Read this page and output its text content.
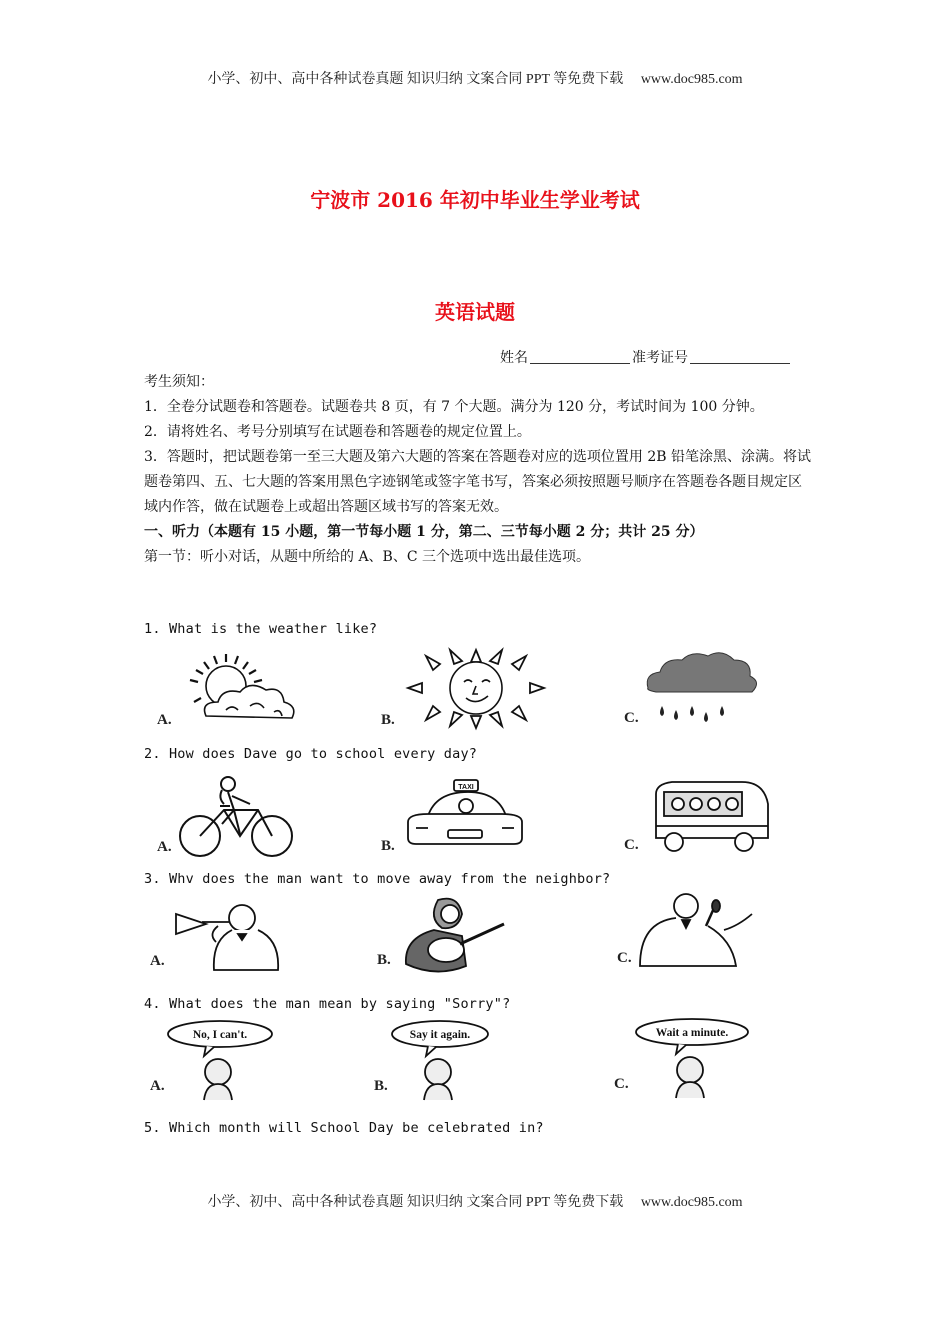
小学、初中、高中各种试卷真题 知识归纳 文案合同 PPT 等免费下载 www.doc985.com
宁波市 2016 年初中毕业生学业考试
英语试题
姓名	准考证号

考生须知：

1．全卷分试题卷和答题卷。试题卷共 8 页，有 7 个大题。满分为 120 分，考试时间为 100 分钟。

2．请将姓名、考号分别填写在试题卷和答题卷的规定位置上。

3．答题时，把试题卷第一至三大题及第六大题的答案在答题卷对应的选项位置用 2B 铅笔涂黑、涂满。将试题卷第四、五、七大题的答案用黑色字迹钢笔或签字笔书写，答案必须按照题号顺序在答题卷各题目规定区域内作答，做在试题卷上或超出答题区域书写的答案无效。

一、听力（本题有 15 小题，第一节每小题 1 分，第二、三节每小题 2 分；共计 25 分）

第一节：听小对话，从题中所给的 A、B、C 三个选项中选出最佳选项。

1. What is the weather like?
A.	B.	C.
2. How does Dave go to school every day?
A.	B.	C.
TAXI
3. Whv does the man want to move away from the neighbor?
A.	B.	C.
4. What does the man mean by saying "Sorry"?
A.	B.	C.
No, I can't.	Say it again.	Wait a minute.
5. Which month will School Day be celebrated in?
小学、初中、高中各种试卷真题 知识归纳 文案合同 PPT 等免费下载 www.doc985.com
